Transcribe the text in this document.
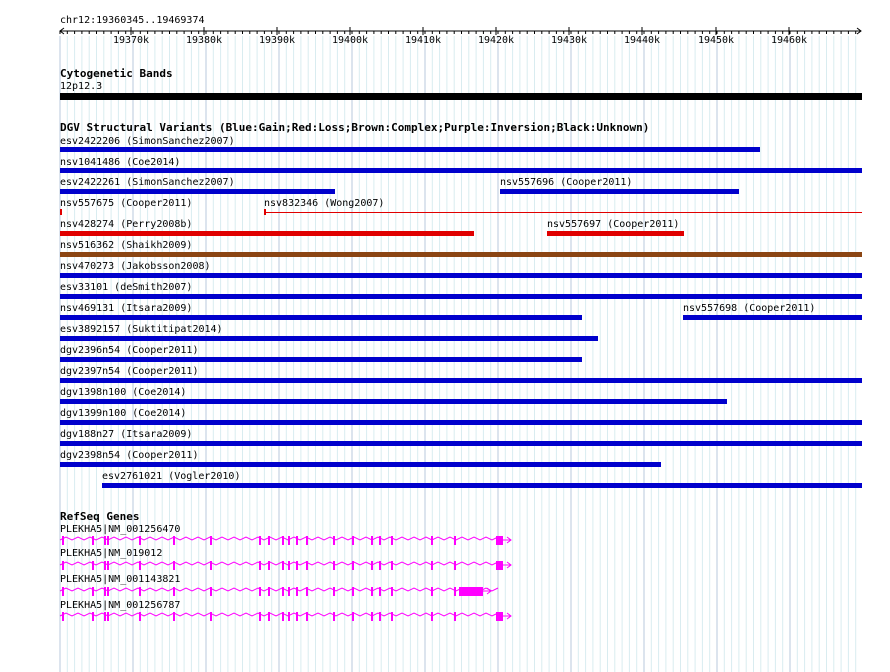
chr12:19360345..19469374
19370k	19380k	19390k	19400k	19410k	19420k	19430k	19440k	19450k	19460k
Cytogenetic Bands
12p12.3
DGV Structural Variants (Blue:Gain;Red:Loss;Brown:Complex;Purple:Inversion;Black:Unknown)
esv2422206 (SimonSanchez2007)
nsv1041486 (Coe2014)
esv2422261 (SimonSanchez2007)	nsv557696 (Cooper2011)
nsv557675 (Cooper2011)	nsv832346 (Wong2007)
nsv428274 (Perry2008b)	nsv557697 (Cooper2011)
nsv516362 (Shaikh2009)
nsv470273 (Jakobsson2008)
esv33101 (deSmith2007)
nsv469131 (Itsara2009)	nsv557698 (Cooper2011)
esv3892157 (Suktitipat2014)
dgv2396n54 (Cooper2011)
dgv2397n54 (Cooper2011)
dgv1398n100 (Coe2014)
dgv1399n100 (Coe2014)
dgv188n27 (Itsara2009)
dgv2398n54 (Cooper2011)
esv2761021 (Vogler2010)
RefSeq Genes
PLEKHA5|NM_001256470
PLEKHA5|NM_019012
PLEKHA5|NM_001143821
PLEKHA5|NM_001256787
